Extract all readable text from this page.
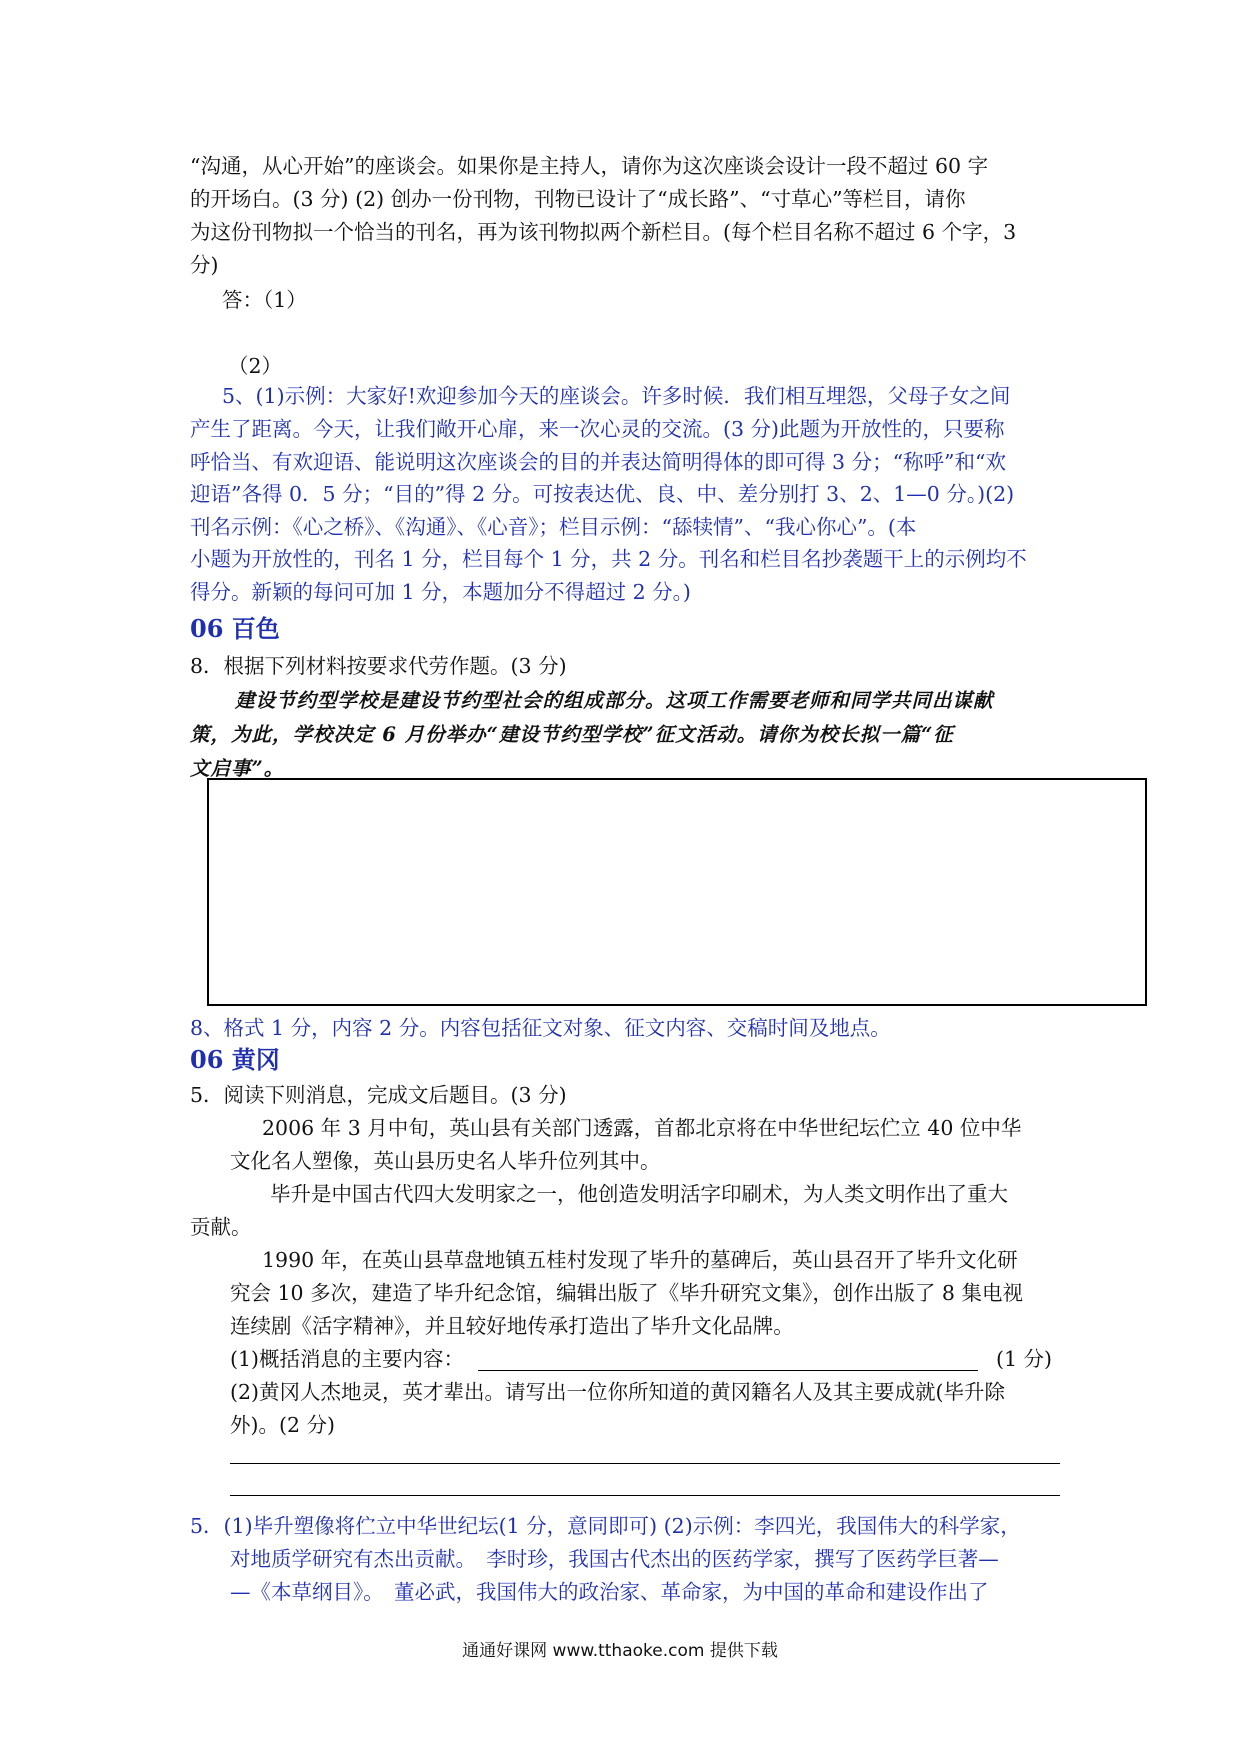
“沟通，从心开始”的座谈会。如果你是主持人，请你为这次座谈会设计一段不超过 60 字

的开场白。(3 分) (2) 创办一份刊物，刊物已设计了“成长路”、“寸草心”等栏目，请你

为这份刊物拟一个恰当的刊名，再为该刊物拟两个新栏目。(每个栏目名称不超过 6 个字，3

分)

答：（1）

（2）

5、(1)示例：大家好!欢迎参加今天的座谈会。许多时候．我们相互埋怨，父母子女之间

产生了距离。今天，让我们敞开心扉，来一次心灵的交流。(3 分)此题为开放性的，只要称

呼恰当、有欢迎语、能说明这次座谈会的目的并表达简明得体的即可得 3 分；“称呼”和“欢

迎语”各得 0．5 分；“目的”得 2 分。可按表达优、良、中、差分别打 3、2、1—0 分。)(2)

刊名示例：《心之桥》、《沟通》、《心音》；栏目示例：“舔犊情”、“我心你心”。(本

小题为开放性的，刊名 1 分，栏目每个 1 分，共 2 分。刊名和栏目名抄袭题干上的示例均不

得分。新颖的每问可加 1 分，本题加分不得超过 2 分。)

06 百色

8．根据下列材料按要求代劳作题。(3 分)

建设节约型学校是建设节约型社会的组成部分。这项工作需要老师和同学共同出谋献

策，为此，学校决定 6 月份举办“建设节约型学校”征文活动。请你为校长拟一篇“征

文启事”。

8、格式 1 分，内容 2 分。内容包括征文对象、征文内容、交稿时间及地点。

06 黄冈

5．阅读下则消息，完成文后题目。(3 分)

2006 年 3 月中旬，英山县有关部门透露，首都北京将在中华世纪坛伫立 40 位中华

文化名人塑像，英山县历史名人毕升位列其中。

毕升是中国古代四大发明家之一，他创造发明活字印刷术，为人类文明作出了重大

贡献。

1990 年，在英山县草盘地镇五桂村发现了毕升的墓碑后，英山县召开了毕升文化研

究会 10 多次，建造了毕升纪念馆，编辑出版了《毕升研究文集》，创作出版了 8 集电视

连续剧《活字精神》，并且较好地传承打造出了毕升文化品牌。

(1)概括消息的主要内容：	(1 分)

(2)黄冈人杰地灵，英才辈出。请写出一位你所知道的黄冈籍名人及其主要成就(毕升除

外)。(2 分)

5．(1)毕升塑像将伫立中华世纪坛(1 分，意同即可) (2)示例：李四光，我国伟大的科学家，

对地质学研究有杰出贡献。　李时珍，我国古代杰出的医药学家，撰写了医药学巨著—

—《本草纲目》。　董必武，我国伟大的政治家、革命家，为中国的革命和建设作出了

通通好课网 www.tthaoke.com 提供下载
